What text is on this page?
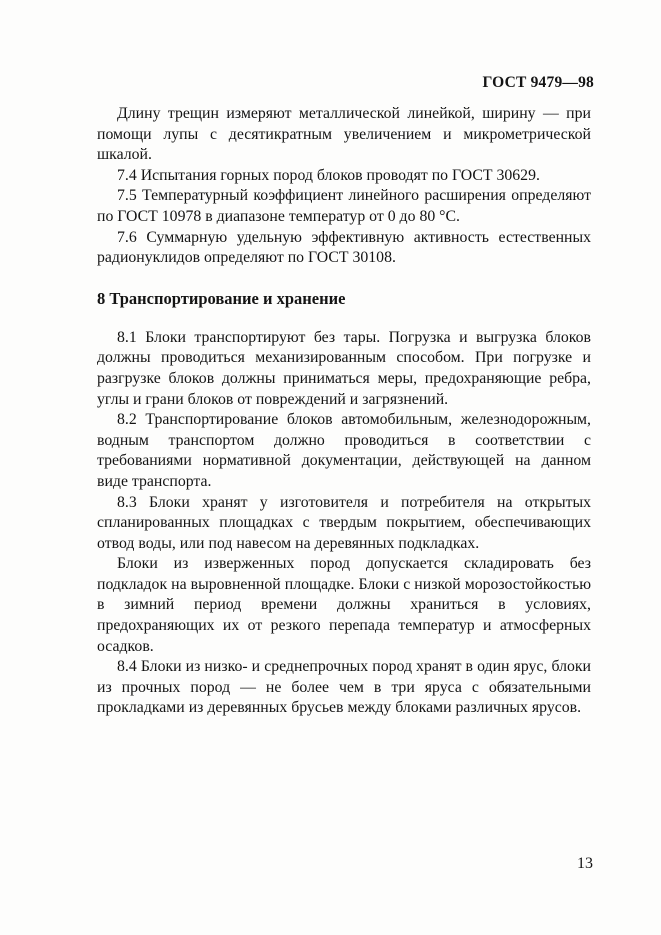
ГОСТ 9479—98

Длину трещин измеряют металлической линейкой, ширину — при помощи лупы с десятикратным увеличением и микрометрической шкалой.

7.4 Испытания горных пород блоков проводят по ГОСТ 30629.

7.5 Температурный коэффициент линейного расширения определяют по ГОСТ 10978 в диапазоне температур от 0 до 80 °С.

7.6 Суммарную удельную эффективную активность естественных радионуклидов определяют по ГОСТ 30108.

8 Транспортирование и хранение

8.1 Блоки транспортируют без тары. Погрузка и выгрузка блоков должны проводиться механизированным способом. При погрузке и разгрузке блоков должны приниматься меры, предохраняющие ребра, углы и грани блоков от повреждений и загрязнений.

8.2 Транспортирование блоков автомобильным, железнодорожным, водным транспортом должно проводиться в соответствии с требованиями нормативной документации, действующей на данном виде транспорта.

8.3 Блоки хранят у изготовителя и потребителя на открытых спланированных площадках с твердым покрытием, обеспечивающих отвод воды, или под навесом на деревянных подкладках.

Блоки из изверженных пород допускается складировать без подкладок на выровненной площадке. Блоки с низкой морозостойкостью в зимний период времени должны храниться в условиях, предохраняющих их от резкого перепада температур и атмосферных осадков.

8.4 Блоки из низко- и среднепрочных пород хранят в один ярус, блоки из прочных пород — не более чем в три яруса с обязательными прокладками из деревянных брусьев между блоками различных ярусов.

13
